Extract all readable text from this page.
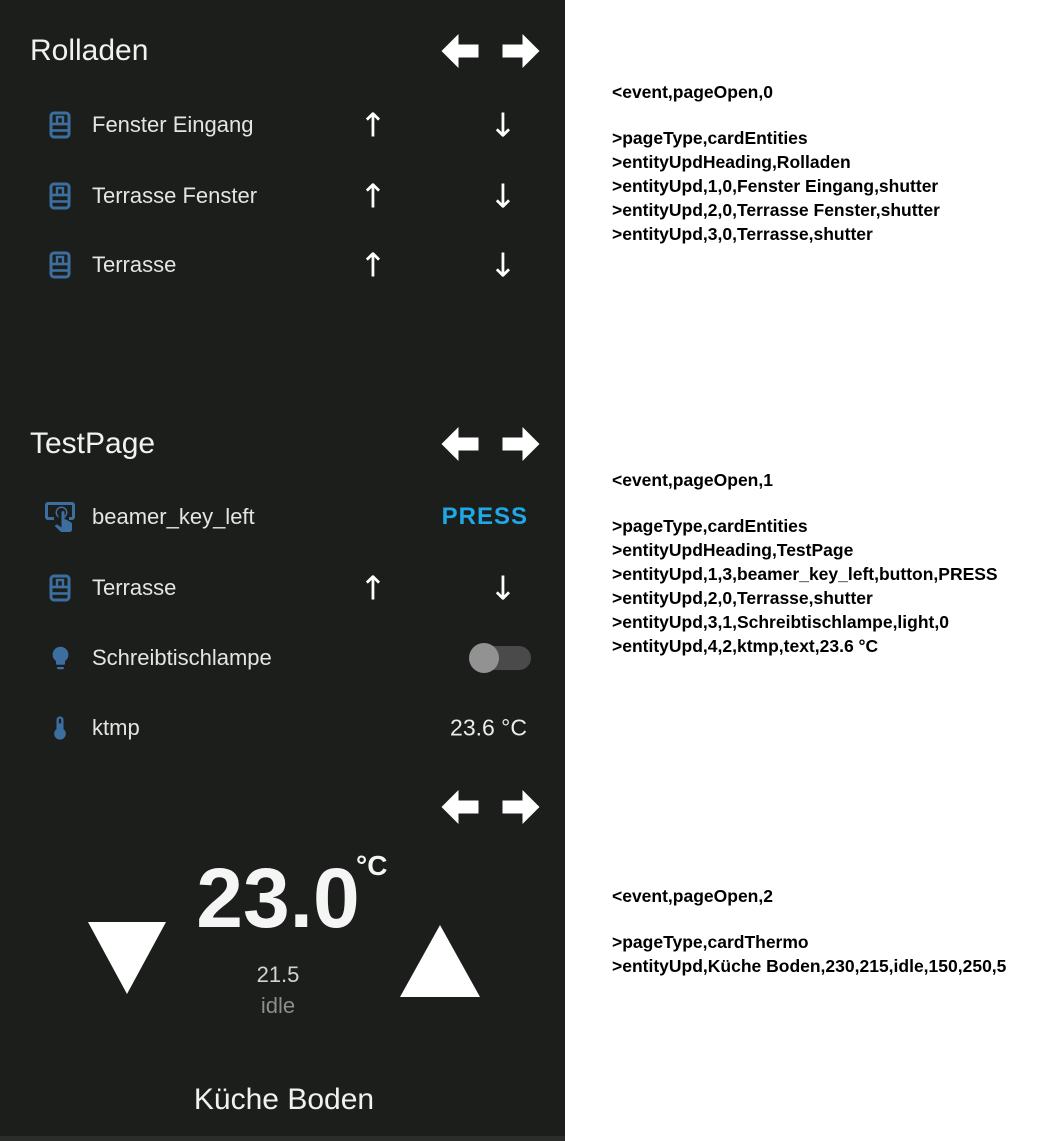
Rolladen
Fenster Eingang	↑	↓
Terrasse Fenster	↑	↓
Terrasse	↑	↓
TestPage
beamer_key_left	PRESS
Terrasse	↑	↓
Schreibtischlampe
ktmp	23.6 °C
23.0
°C
21.5
idle
Küche Boden
<event,pageOpen,0
>pageType,cardEntities
>entityUpdHeading,Rolladen
>entityUpd,1,0,Fenster Eingang,shutter
>entityUpd,2,0,Terrasse Fenster,shutter
>entityUpd,3,0,Terrasse,shutter
<event,pageOpen,1
>pageType,cardEntities
>entityUpdHeading,TestPage
>entityUpd,1,3,beamer_key_left,button,PRESS
>entityUpd,2,0,Terrasse,shutter
>entityUpd,3,1,Schreibtischlampe,light,0
>entityUpd,4,2,ktmp,text,23.6 °C
<event,pageOpen,2
>pageType,cardThermo
>entityUpd,Küche Boden,230,215,idle,150,250,5
